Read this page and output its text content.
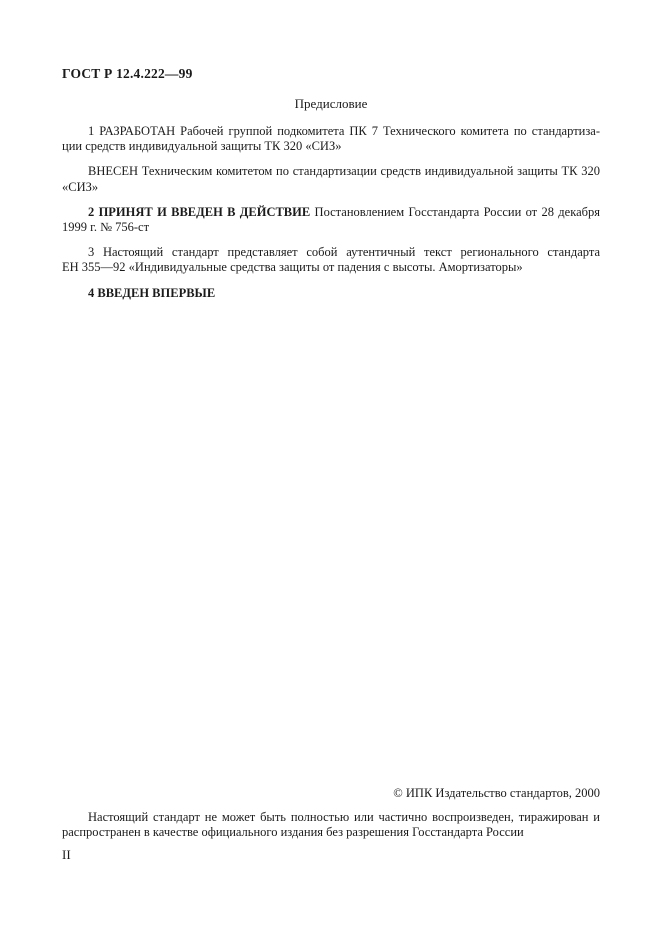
ГОСТ Р 12.4.222—99
Предисловие
1 РАЗРАБОТАН Рабочей группой подкомитета ПК 7 Технического комитета по стандартиза-
ции средств индивидуальной защиты ТК 320 «СИЗ»
ВНЕСЕН Техническим комитетом по стандартизации средств индивидуальной защиты ТК 320
«СИЗ»
2 ПРИНЯТ И ВВЕДЕН В ДЕЙСТВИЕ Постановлением Госстандарта России от 28 декабря
1999 г. № 756-ст
3 Настоящий стандарт представляет собой аутентичный текст регионального стандарта
ЕН 355—92 «Индивидуальные средства защиты от падения с высоты. Амортизаторы»
4 ВВЕДЕН ВПЕРВЫЕ
© ИПК Издательство стандартов, 2000
Настоящий стандарт не может быть полностью или частично воспроизведен, тиражирован и
распространен в качестве официального издания без разрешения Госстандарта России
II
